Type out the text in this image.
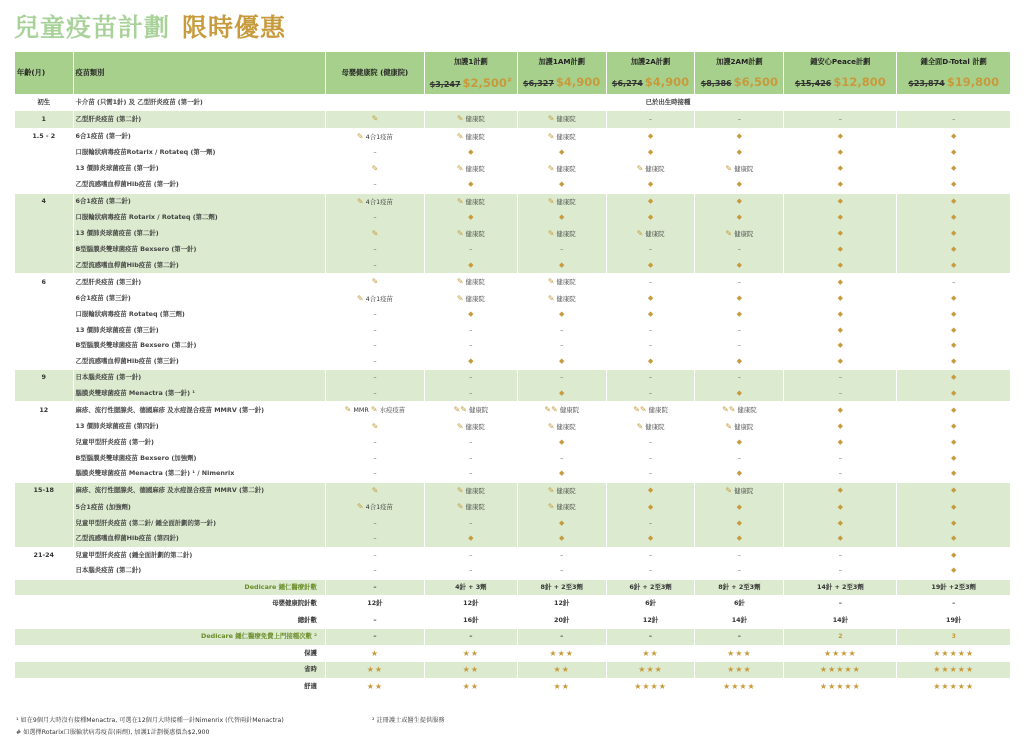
兒童疫苗計劃 限時優惠
年齡(月)	疫苗類別	母嬰健康院 (健康院)	加護1計劃	加護1AM計劃	加護2A計劃	加護2AM計劃	鍾安心Peace計劃	鍾全面D-Total 計劃
			$3,247 $2,500#	$6,327 $4,900	$6,274 $4,900	$8,386 $6,500	$15,426 $12,800	$23,874 $19,800
初生	卡介苗 (只需1針) 及 乙型肝炎疫苗 (第一針)	已於出生時接種						
1	乙型肝炎疫苗 (第二針)	✎	✎ 健康院	✎ 健康院	–	–	–	–
1.5 - 2	6合1疫苗 (第一針)	✎ 4合1疫苗	✎ 健康院	✎ 健康院	◆	◆	◆	◆
	口服輪狀病毒疫苗Rotarix / Rotateq (第一劑)	–	◆	◆	◆	◆	◆	◆
	13 價肺炎球菌疫苗 (第一針)	✎	✎ 健康院	✎ 健康院	✎ 健康院	✎ 健康院	◆	◆
	乙型流感嗜血桿菌Hib疫苗 (第一針)	–	◆	◆	◆	◆	◆	◆
4	6合1疫苗 (第二針)	✎ 4合1疫苗	✎ 健康院	✎ 健康院	◆	◆	◆	◆
	口服輪狀病毒疫苗 Rotarix / Rotateq (第二劑)	–	◆	◆	◆	◆	◆	◆
	13 價肺炎球菌疫苗 (第二針)	✎	✎ 健康院	✎ 健康院	✎ 健康院	✎ 健康院	◆	◆
	B型腦膜炎雙球菌疫苗 Bexsero (第一針)	–	–	–	–	–	◆	◆
	乙型流感嗜血桿菌Hib疫苗 (第二針)	–	◆	◆	◆	◆	◆	◆
6	乙型肝炎疫苗 (第三針)	✎	✎ 健康院	✎ 健康院	–	–	◆	–
	6合1疫苗 (第三針)	✎ 4合1疫苗	✎ 健康院	✎ 健康院	◆	◆	◆	◆
	口服輪狀病毒疫苗 Rotateq (第三劑)	–	◆	◆	◆	◆	◆	◆
	13 價肺炎球菌疫苗 (第三針)	–	–	–	–	–	◆	◆
	B型腦膜炎雙球菌疫苗 Bexsero (第二針)	–	–	–	–	–	◆	◆
	乙型流感嗜血桿菌Hib疫苗 (第三針)	–	◆	◆	◆	◆	◆	◆
9	日本腦炎疫苗 (第一針)	–	–	–	–	–	–	◆
	腦膜炎雙球菌疫苗 Menactra (第一針) ¹	–	–	◆	–	◆	–	◆
12	麻疹、流行性腮腺炎、德國麻疹 及水痘混合疫苗 MMRV (第一針)	✎ MMR ✎ 水痘疫苗	✎✎ 健康院	✎✎ 健康院	✎✎ 健康院	✎✎ 健康院	◆	◆
	13 價肺炎球菌疫苗 (第四針)	✎	✎ 健康院	✎ 健康院	✎ 健康院	✎ 健康院	◆	◆
	兒童甲型肝炎疫苗 (第一針)	–	–	◆	–	◆	◆	◆
	B型腦膜炎雙球菌疫苗 Bexsero (加強劑)	–	–	–	–	–	–	◆
	腦膜炎雙球菌疫苗 Menactra (第二針) ¹ / Nimenrix	–	–	◆	–	◆	–	◆
15-18	麻疹、流行性腮腺炎、德國麻疹 及水痘混合疫苗 MMRV (第二針)	✎	✎ 健康院	✎ 健康院	◆	✎ 健康院	◆	◆
	5合1疫苗 (加強劑)	✎ 4合1疫苗	✎ 健康院	✎ 健康院	◆	◆	◆	◆
	兒童甲型肝炎疫苗 (第二針/ 鍾全面計劃的第一針)	–	–	◆	–	◆	◆	◆
	乙型流感嗜血桿菌Hib疫苗 (第四針)	–	◆	◆	◆	◆	◆	◆
21-24	兒童甲型肝炎疫苗 (鍾全面計劃的第二針)	–	–	–	–	–	–	◆
	日本腦炎疫苗 (第二針)	–	–	–	–	–	–	◆
Dedicare 鍾仁醫療針數		–	4針 + 3劑	8針 + 2至3劑	6針 + 2至3劑	8針 + 2至3劑	14針 + 2至3劑	19針 +2至3劑
母嬰健康院針數		12針	12針	12針	6針	6針	–	–
總針數		–	16針	20針	12針	14針	14針	19針
Dedicare 鍾仁醫療免費上門接種次數 ²		–	–	–	–	–	2	3
保護		★	★★	★★★	★★	★★★	★★★★	★★★★★
省時		★★	★★	★★	★★★	★★★	★★★★★	★★★★★
舒適		★★	★★	★★	★★★★	★★★★	★★★★★	★★★★★
¹ 如在9個月大時沒有接種Menactra, 可選在12個月大時接種一針Nimenrix (代替兩針Menactra)	² 註冊護士或醫生提供服務
# 如選擇Rotarix口服輪狀病毒疫苗(兩劑), 加護1計劃優惠價為$2,900
